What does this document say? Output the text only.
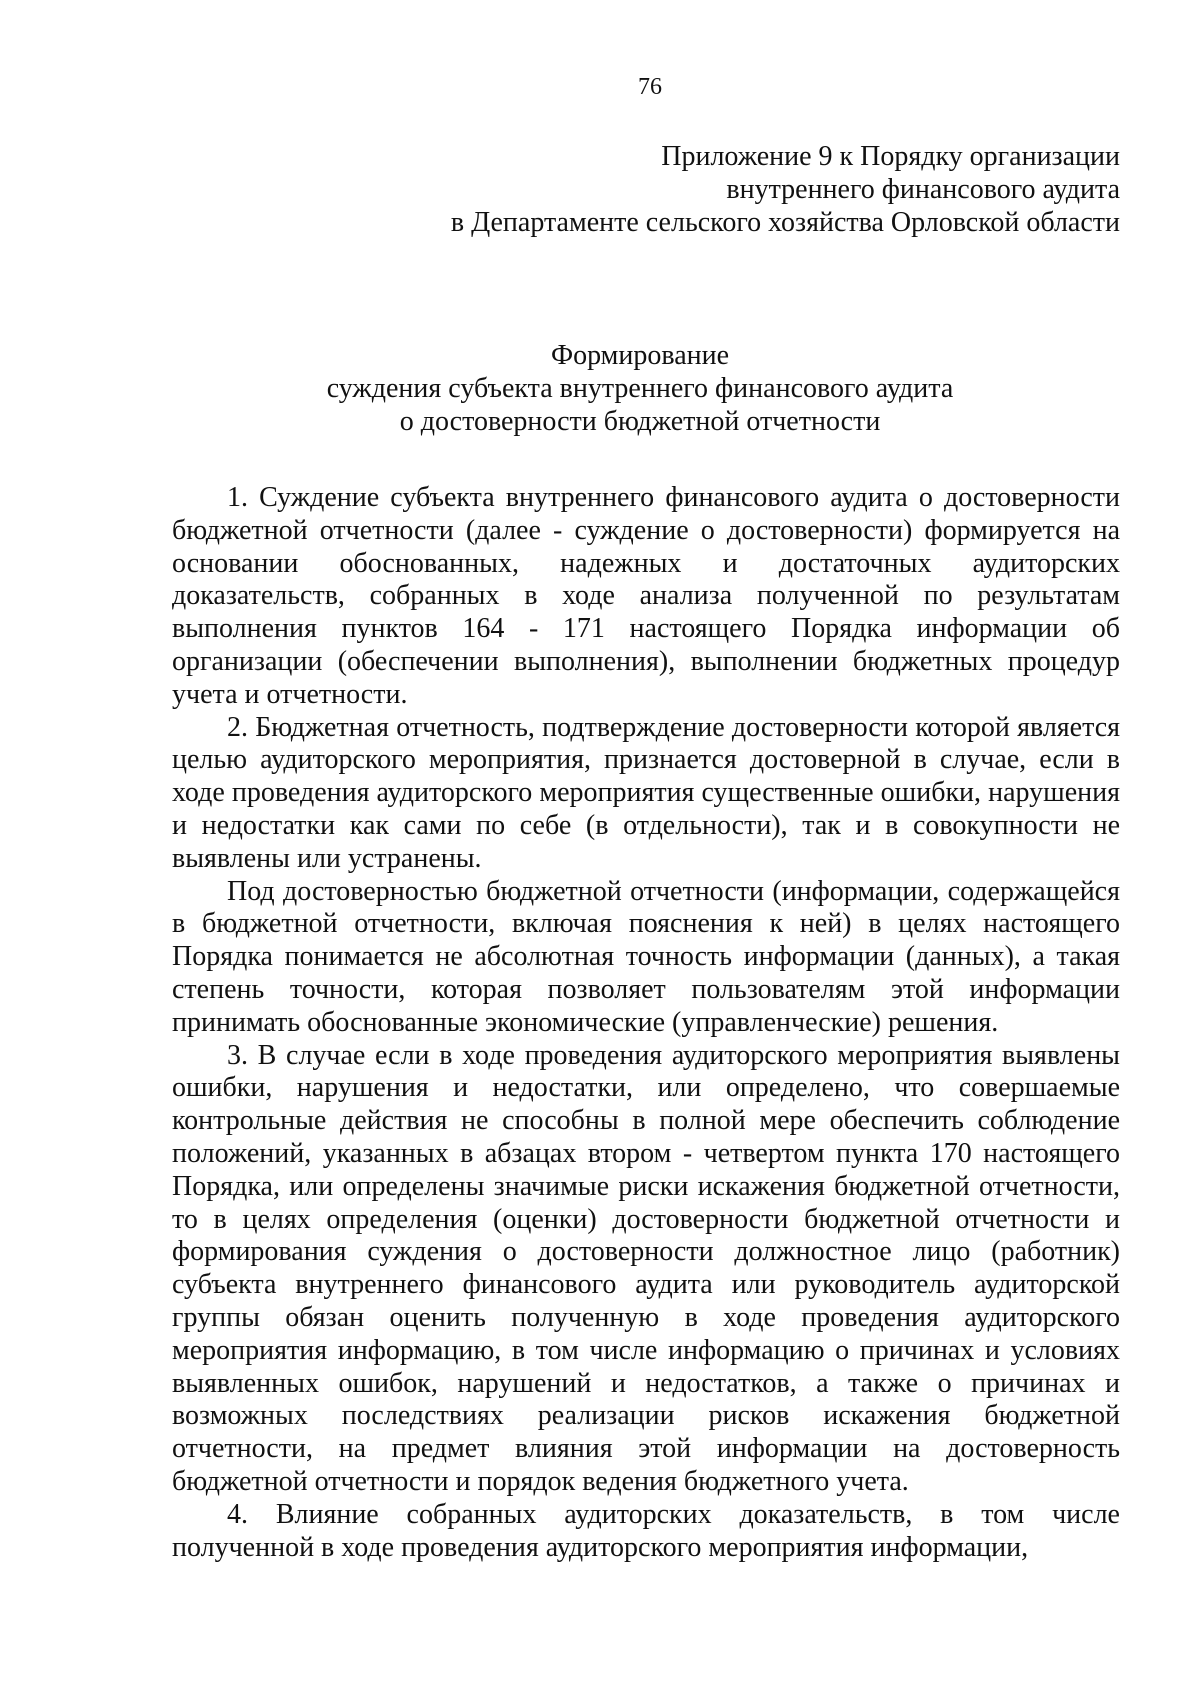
76
Приложение 9 к Порядку организации
внутреннего финансового аудита
в Департаменте сельского хозяйства Орловской области
Формирование
суждения субъекта внутреннего финансового аудита
о достоверности бюджетной отчетности

1. Суждение субъекта внутреннего финансового аудита о достоверности бюджетной отчетности (далее - суждение о достоверности) формируется на основании обоснованных, надежных и достаточных аудиторских доказательств, собранных в ходе анализа полученной по результатам выполнения пунктов 164 - 171 настоящего Порядка информации об организации (обеспечении выполнения), выполнении бюджетных процедур учета и отчетности.

2. Бюджетная отчетность, подтверждение достоверности которой является целью аудиторского мероприятия, признается достоверной в случае, если в ходе проведения аудиторского мероприятия существенные ошибки, нарушения и недостатки как сами по себе (в отдельности), так и в совокупности не выявлены или устранены.

Под достоверностью бюджетной отчетности (информации, содержащейся в бюджетной отчетности, включая пояснения к ней) в целях настоящего Порядка понимается не абсолютная точность информации (данных), а такая степень точности, которая позволяет пользователям этой информации принимать обоснованные экономические (управленческие) решения.

3. В случае если в ходе проведения аудиторского мероприятия выявлены ошибки, нарушения и недостатки, или определено, что совершаемые контрольные действия не способны в полной мере обеспечить соблюдение положений, указанных в абзацах втором - четвертом пункта 170 настоящего Порядка, или определены значимые риски искажения бюджетной отчетности, то в целях определения (оценки) достоверности бюджетной отчетности и формирования суждения о достоверности должностное лицо (работник) субъекта внутреннего финансового аудита или руководитель аудиторской группы обязан оценить полученную в ходе проведения аудиторского мероприятия информацию, в том числе информацию о причинах и условиях выявленных ошибок, нарушений и недостатков, а также о причинах и возможных последствиях реализации рисков искажения бюджетной отчетности, на предмет влияния этой информации на достоверность бюджетной отчетности и порядок ведения бюджетного учета.

4. Влияние собранных аудиторских доказательств, в том числе полученной в ходе проведения аудиторского мероприятия информации,
